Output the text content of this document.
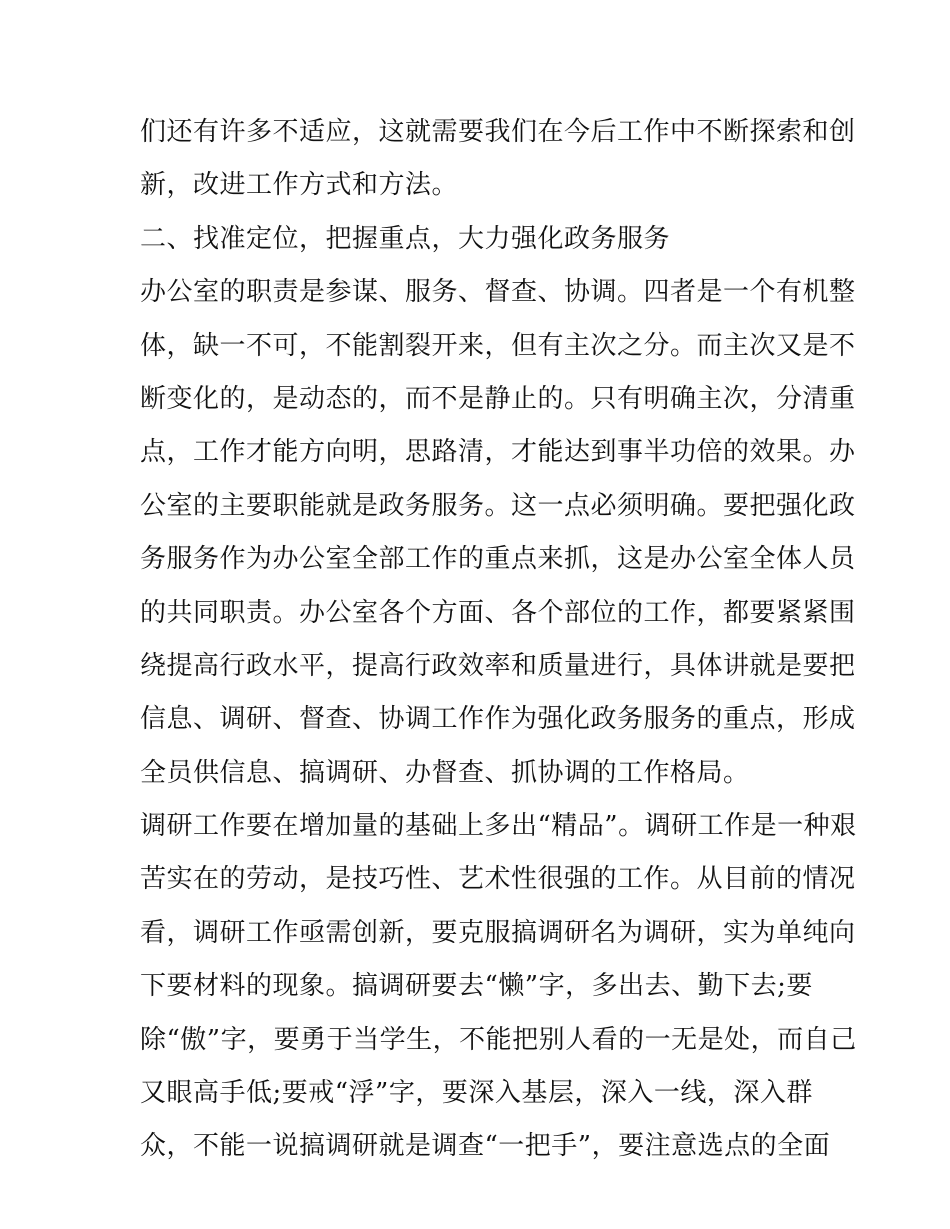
们还有许多不适应，这就需要我们在今后工作中不断探索和创
新，改进工作方式和方法。
二、找准定位，把握重点，大力强化政务服务
办公室的职责是参谋、服务、督查、协调。四者是一个有机整
体，缺一不可，不能割裂开来，但有主次之分。而主次又是不
断变化的，是动态的，而不是静止的。只有明确主次，分清重
点，工作才能方向明，思路清，才能达到事半功倍的效果。办
公室的主要职能就是政务服务。这一点必须明确。要把强化政
务服务作为办公室全部工作的重点来抓，这是办公室全体人员
的共同职责。办公室各个方面、各个部位的工作，都要紧紧围
绕提高行政水平，提高行政效率和质量进行，具体讲就是要把
信息、调研、督查、协调工作作为强化政务服务的重点，形成
全员供信息、搞调研、办督查、抓协调的工作格局。
调研工作要在增加量的基础上多出“精品”。调研工作是一种艰
苦实在的劳动，是技巧性、艺术性很强的工作。从目前的情况
看，调研工作亟需创新，要克服搞调研名为调研，实为单纯向
下要材料的现象。搞调研要去“懒”字，多出去、勤下去;要
除“傲”字，要勇于当学生，不能把别人看的一无是处，而自己
又眼高手低;要戒“浮”字，要深入基层，深入一线，深入群
众，不能一说搞调研就是调查“一把手”，要注意选点的全面
